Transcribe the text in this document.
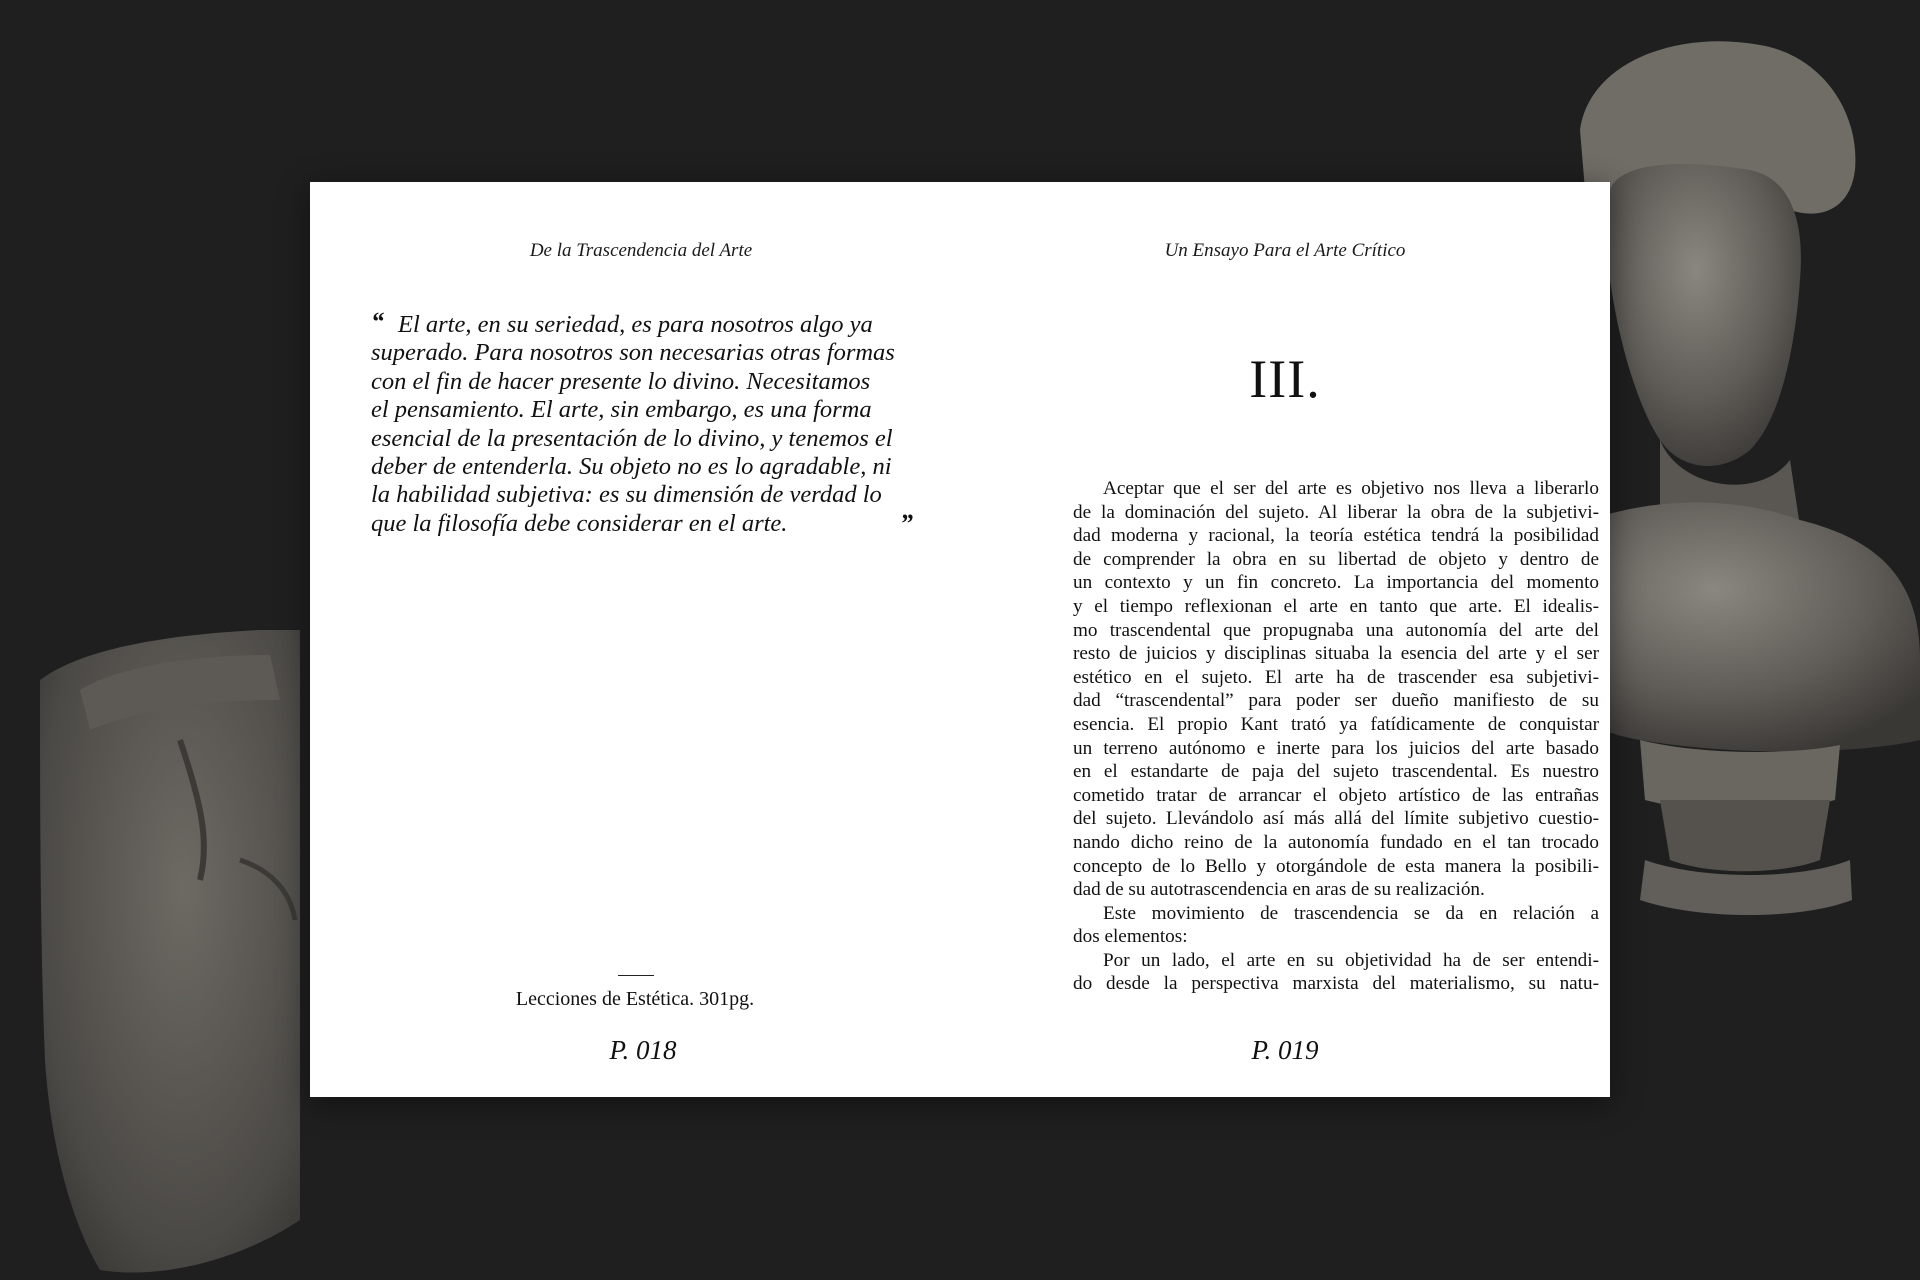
De la Trascendencia del Arte
“ El arte, en su seriedad, es para nosotros algo ya
superado. Para nosotros son necesarias otras formas
con el fin de hacer presente lo divino. Necesitamos
el pensamiento. El arte, sin embargo, es una forma
esencial de la presentación de lo divino, y tenemos el
deber de entenderla. Su objeto no es lo agradable, ni
la habilidad subjetiva: es su dimensión de verdad lo
que la filosofía debe considerar en el arte.	”
Lecciones de Estética. 301pg.
P. 018
Un Ensayo Para el Arte Crítico
III.
Aceptar que el ser del arte es objetivo nos lleva a liberarlo
de la dominación del sujeto. Al liberar la obra de la subjetivi-
dad moderna y racional, la teoría estética tendrá la posibilidad
de comprender la obra en su libertad de objeto y dentro de
un contexto y un fin concreto. La importancia del momento
y el tiempo reflexionan el arte en tanto que arte. El idealis-
mo trascendental que propugnaba una autonomía del arte del
resto de juicios y disciplinas situaba la esencia del arte y el ser
estético en el sujeto. El arte ha de trascender esa subjetivi-
dad “trascendental” para poder ser dueño manifiesto de su
esencia. El propio Kant trató ya fatídicamente de conquistar
un terreno autónomo e inerte para los juicios del arte basado
en el estandarte de paja del sujeto trascendental. Es nuestro
cometido tratar de arrancar el objeto artístico de las entrañas
del sujeto. Llevándolo así más allá del límite subjetivo cuestio-
nando dicho reino de la autonomía fundado en el tan trocado
concepto de lo Bello y otorgándole de esta manera la posibili-
dad de su autotrascendencia en aras de su realización.
Este movimiento de trascendencia se da en relación a
dos elementos:
Por un lado, el arte en su objetividad ha de ser entendi-
do desde la perspectiva marxista del materialismo, su natu-
P. 019
